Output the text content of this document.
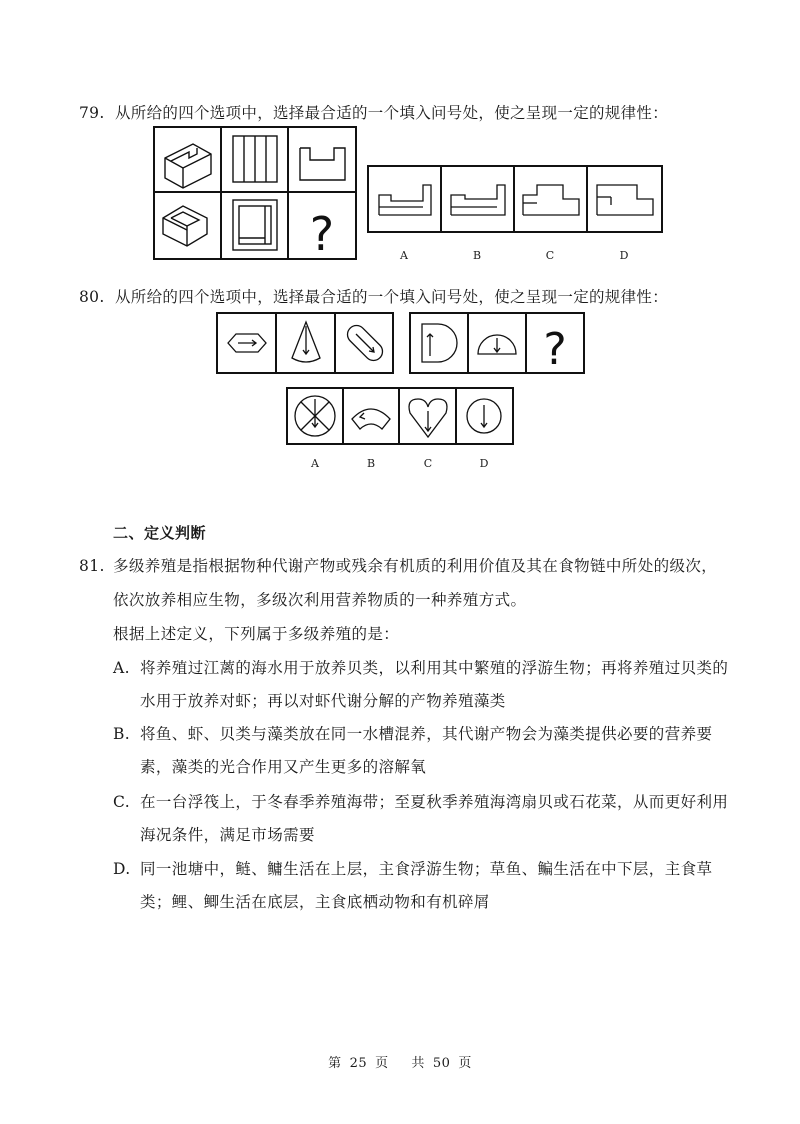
79. 从所给的四个选项中，选择最合适的一个填入问号处，使之呈现一定的规律性：
?	A	B	C	D
80. 从所给的四个选项中，选择最合适的一个填入问号处，使之呈现一定的规律性：
?
A	B	C	D
二、定义判断
81. 多级养殖是指根据物种代谢产物或残余有机质的利用价值及其在食物链中所处的级次，
依次放养相应生物，多级次利用营养物质的一种养殖方式。
根据上述定义，下列属于多级养殖的是：
A. 将养殖过江蓠的海水用于放养贝类，以利用其中繁殖的浮游生物；再将养殖过贝类的水用于放养对虾；再以对虾代谢分解的产物养殖藻类
B. 将鱼、虾、贝类与藻类放在同一水槽混养，其代谢产物会为藻类提供必要的营养要素，藻类的光合作用又产生更多的溶解氧
C. 在一台浮筏上，于冬春季养殖海带；至夏秋季养殖海湾扇贝或石花菜，从而更好利用海况条件，满足市场需要
D. 同一池塘中，鲢、鳙生活在上层，主食浮游生物；草鱼、鳊生活在中下层，主食草类；鲤、鲫生活在底层，主食底栖动物和有机碎屑
第 25 页 共 50 页
